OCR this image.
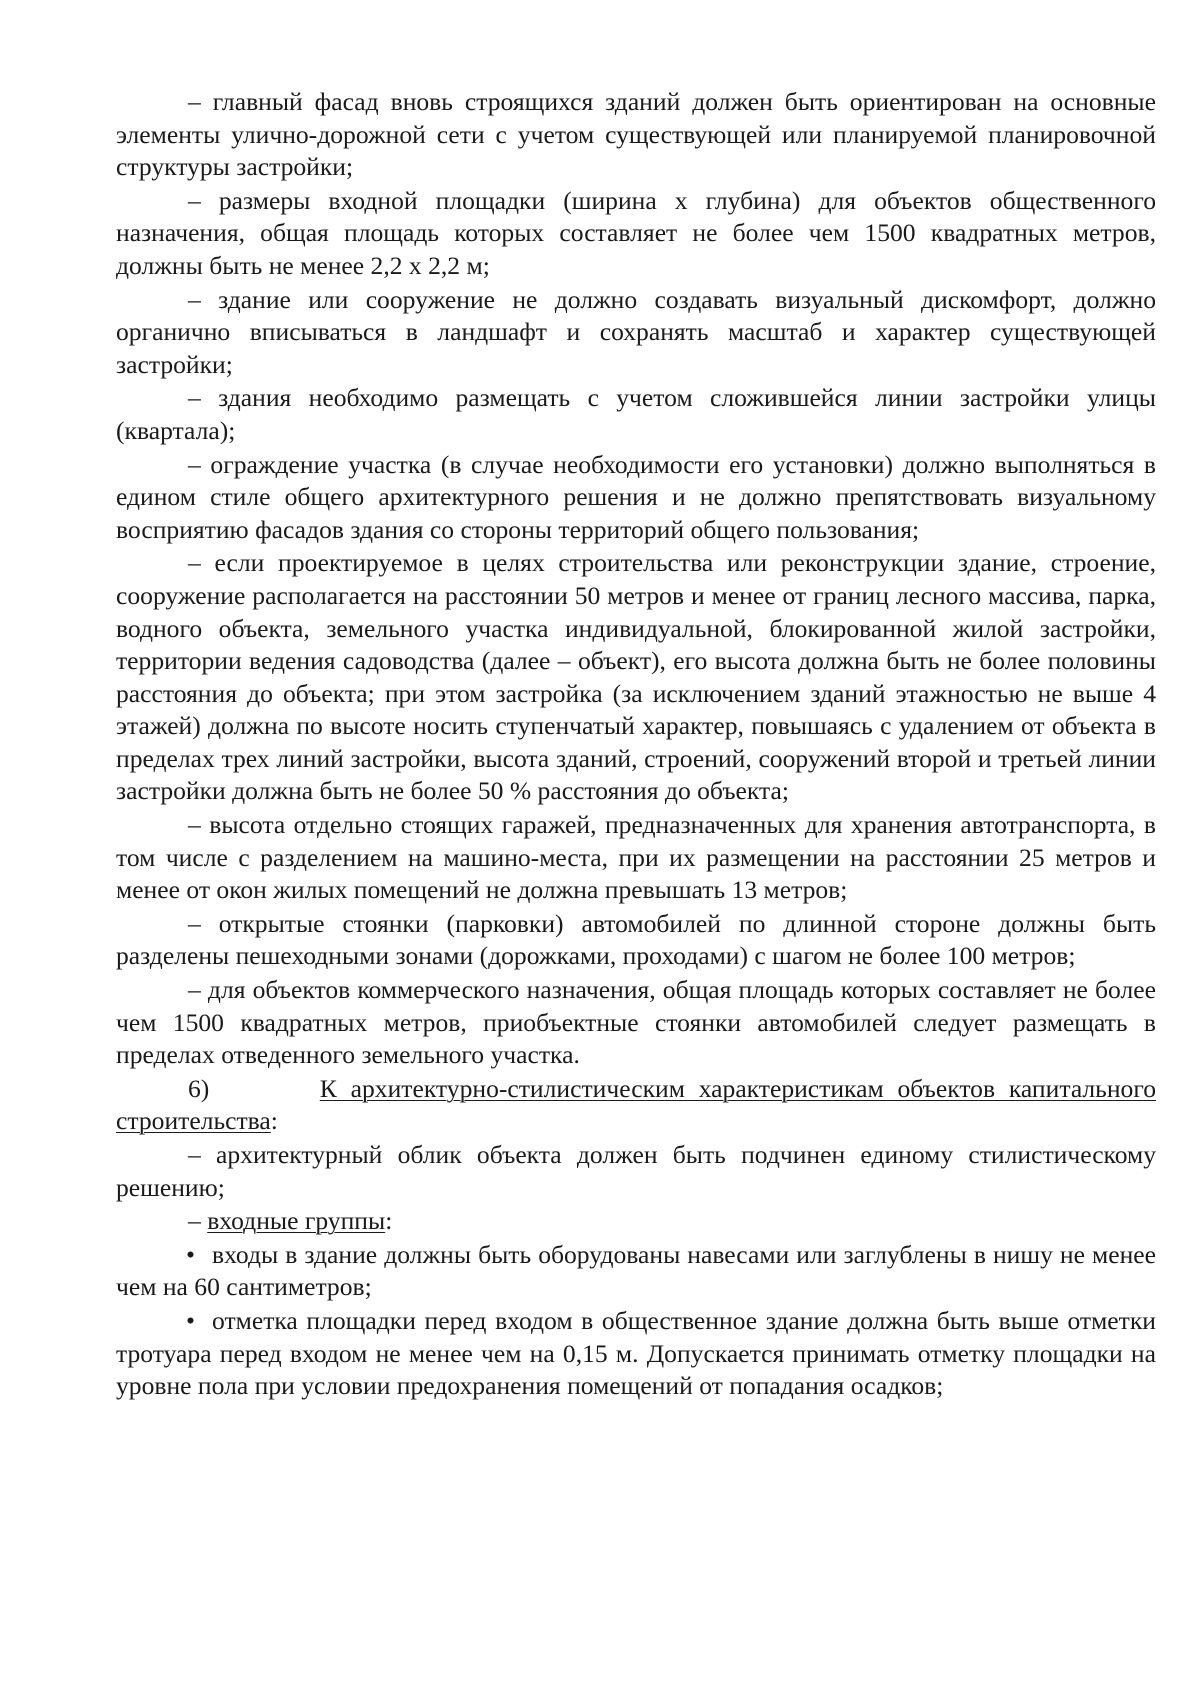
– главный фасад вновь строящихся зданий должен быть ориентирован на основные элементы улично-дорожной сети с учетом существующей или планируемой планировочной структуры застройки;

– размеры входной площадки (ширина х глубина) для объектов общественного назначения, общая площадь которых составляет не более чем 1500 квадратных метров, должны быть не менее 2,2 х 2,2 м;

– здание или сооружение не должно создавать визуальный дискомфорт, должно органично вписываться в ландшафт и сохранять масштаб и характер существующей застройки;

– здания необходимо размещать с учетом сложившейся линии застройки улицы (квартала);

– ограждение участка (в случае необходимости его установки) должно выполняться в едином стиле общего архитектурного решения и не должно препятствовать визуальному восприятию фасадов здания со стороны территорий общего пользования;

– если проектируемое в целях строительства или реконструкции здание, строение, сооружение располагается на расстоянии 50 метров и менее от границ лесного массива, парка, водного объекта, земельного участка индивидуальной, блокированной жилой застройки, территории ведения садоводства (далее – объект), его высота должна быть не более половины расстояния до объекта; при этом застройка (за исключением зданий этажностью не выше 4 этажей) должна по высоте носить ступенчатый характер, повышаясь с удалением от объекта в пределах трех линий застройки, высота зданий, строений, сооружений второй и третьей линии застройки должна быть не более 50 % расстояния до объекта;

– высота отдельно стоящих гаражей, предназначенных для хранения автотранспорта, в том числе с разделением на машино-места, при их размещении на расстоянии 25 метров и менее от окон жилых помещений не должна превышать 13 метров;

– открытые стоянки (парковки) автомобилей по длинной стороне должны быть разделены пешеходными зонами (дорожками, проходами) с шагом не более 100 метров;

– для объектов коммерческого назначения, общая площадь которых составляет не более чем 1500 квадратных метров, приобъектные стоянки автомобилей следует размещать в пределах отведенного земельного участка.

6)	К архитектурно-стилистическим характеристикам объектов капитального строительства:

– архитектурный облик объекта должен быть подчинен единому стилистическому решению;

– входные группы:

• входы в здание должны быть оборудованы навесами или заглублены в нишу не менее чем на 60 сантиметров;

• отметка площадки перед входом в общественное здание должна быть выше отметки тротуара перед входом не менее чем на 0,15 м. Допускается принимать отметку площадки на уровне пола при условии предохранения помещений от попадания осадков;
